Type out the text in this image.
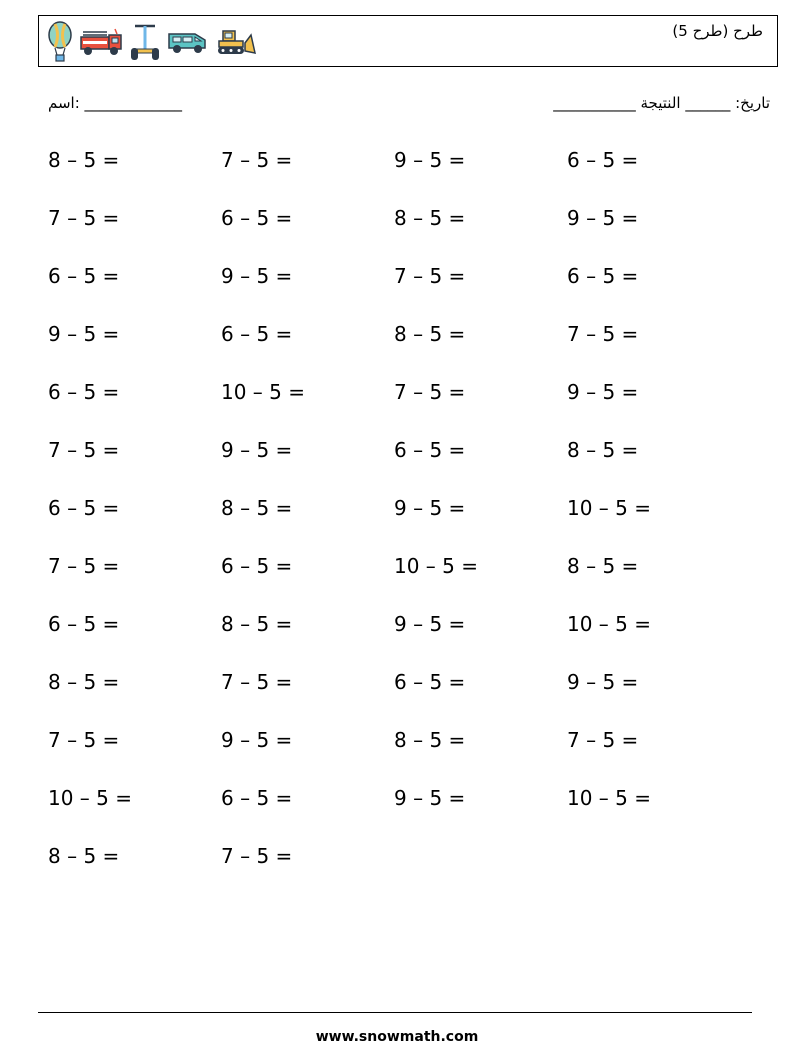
طرح (طرح 5)
اسم: _____________	تاريخ: ______ النتيجة ___________
8 – 5 =	7 – 5 =	9 – 5 =	6 – 5 =
7 – 5 =	6 – 5 =	8 – 5 =	9 – 5 =
6 – 5 =	9 – 5 =	7 – 5 =	6 – 5 =
9 – 5 =	6 – 5 =	8 – 5 =	7 – 5 =
6 – 5 =	10 – 5 =	7 – 5 =	9 – 5 =
7 – 5 =	9 – 5 =	6 – 5 =	8 – 5 =
6 – 5 =	8 – 5 =	9 – 5 =	10 – 5 =
7 – 5 =	6 – 5 =	10 – 5 =	8 – 5 =
6 – 5 =	8 – 5 =	9 – 5 =	10 – 5 =
8 – 5 =	7 – 5 =	6 – 5 =	9 – 5 =
7 – 5 =	9 – 5 =	8 – 5 =	7 – 5 =
10 – 5 =	6 – 5 =	9 – 5 =	10 – 5 =
8 – 5 =	7 – 5 =
www.snowmath.com
